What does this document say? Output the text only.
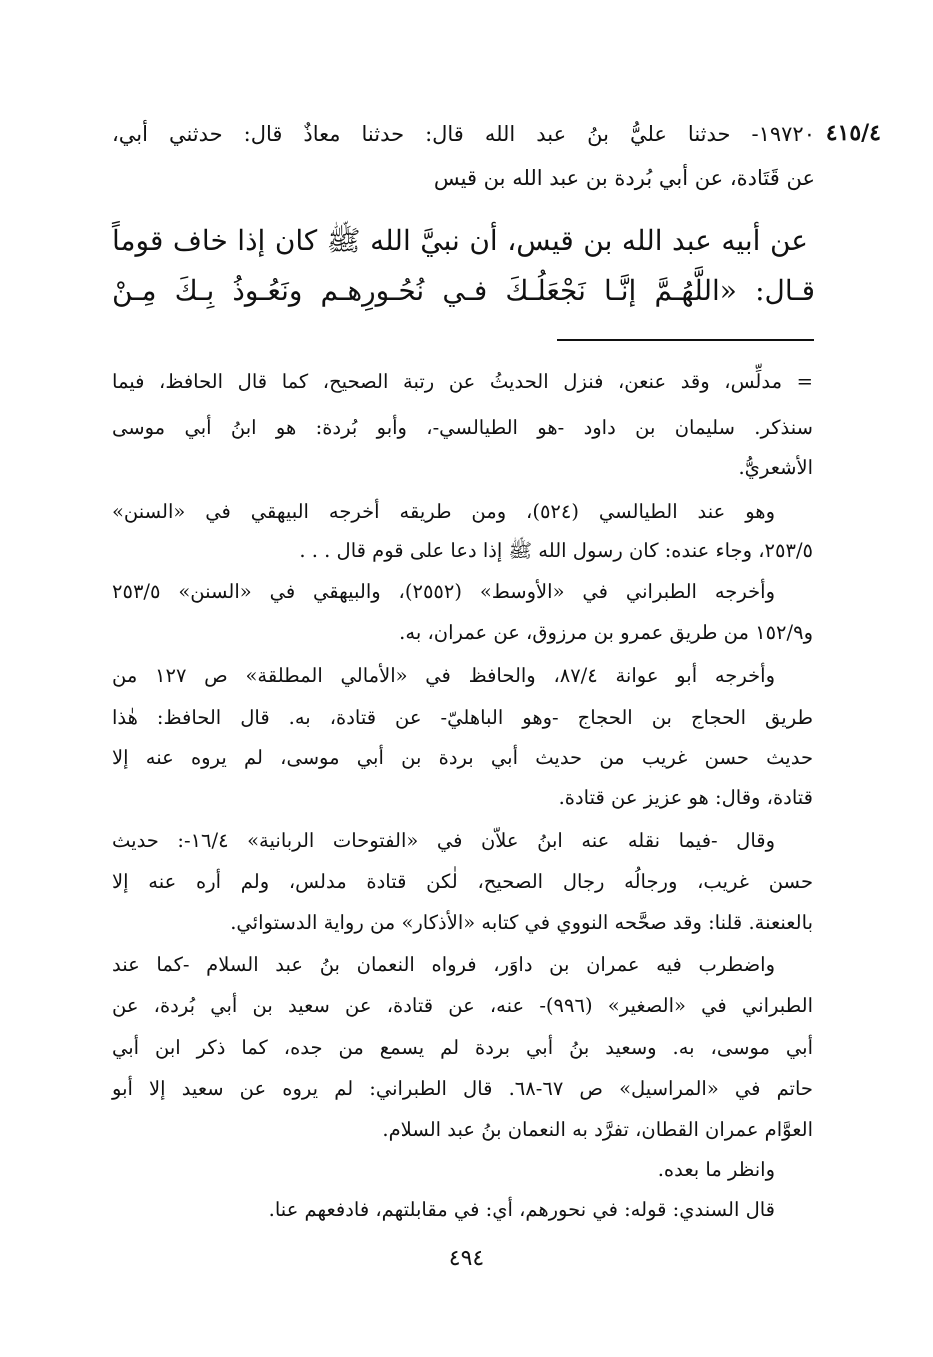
٤١٥/٤
١٩٧٢٠- حدثنا عليُّ بنُ عبد الله قال: حدثنا معاذٌ قال: حدثني أبي،
عن قَتَادة، عن أبي بُردة بن عبد الله بن قيس
عن أبيه عبد الله بن قيس، أن نبيَّ الله ﷺ كان إذا خاف قوماً
قـال: «اللَّهُـمَّ إنَّـا نَجْعَلُـكَ فـي نُحُـورِهـم ونَعُـوذُ بِـكَ مِـنْ
= مدلِّس، وقد عنعن، فنزل الحديثُ عن رتبة الصحيح، كما قال الحافظ، فيما
سنذكر. سليمان بن داود -هو الطيالسي-، وأبو بُردة: هو ابنُ أبي موسى
الأشعريُّ.
وهو عند الطيالسي (٥٢٤)، ومن طريقه أخرجه البيهقي في «السنن»
٢٥٣/٥، وجاء عنده: كان رسول الله ﷺ إذا دعا على قوم قال . . .
وأخرجه الطبراني في «الأوسط» (٢٥٥٢)، والبيهقي في «السنن» ٢٥٣/٥
و١٥٢/٩ من طريق عمرو بن مرزوق، عن عمران، به.
وأخرجه أبو عوانة ٨٧/٤، والحافظ في «الأمالي المطلقة» ص ١٢٧ من
طريق الحجاج بن الحجاج -وهو الباهليّ- عن قتادة، به. قال الحافظ: هٰذا
حديث حسن غريب من حديث أبي بردة بن أبي موسى، لم يروه عنه إلا
قتادة، وقال: هو عزيز عن قتادة.
وقال -فيما نقله عنه ابنُ علاّن في «الفتوحات الربانية» ١٦/٤-: حديث
حسن غريب، ورجالُه رجال الصحيح، لٰكن قتادة مدلس، ولم أره عنه إلا
بالعنعنة. قلنا: وقد صحَّحه النووي في كتابه «الأذكار» من رواية الدستوائي.
واضطرب فيه عمران بن داوَر، فرواه النعمان بنُ عبد السلام -كما عند
الطبراني في «الصغير» (٩٩٦)- عنه، عن قتادة، عن سعيد بن أبي بُردة، عن
أبي موسى، به. وسعيد بنُ أبي بردة لم يسمع من جده، كما ذكر ابن أبي
حاتم في «المراسيل» ص ٦٧-٦٨. قال الطبراني: لم يروه عن سعيد إلا أبو
العوَّام عمران القطان، تفرَّد به النعمان بنُ عبد السلام.
وانظر ما بعده.
قال السندي: قوله: في نحورهم، أي: في مقابلتهم، فادفعهم عنا.
٤٩٤
